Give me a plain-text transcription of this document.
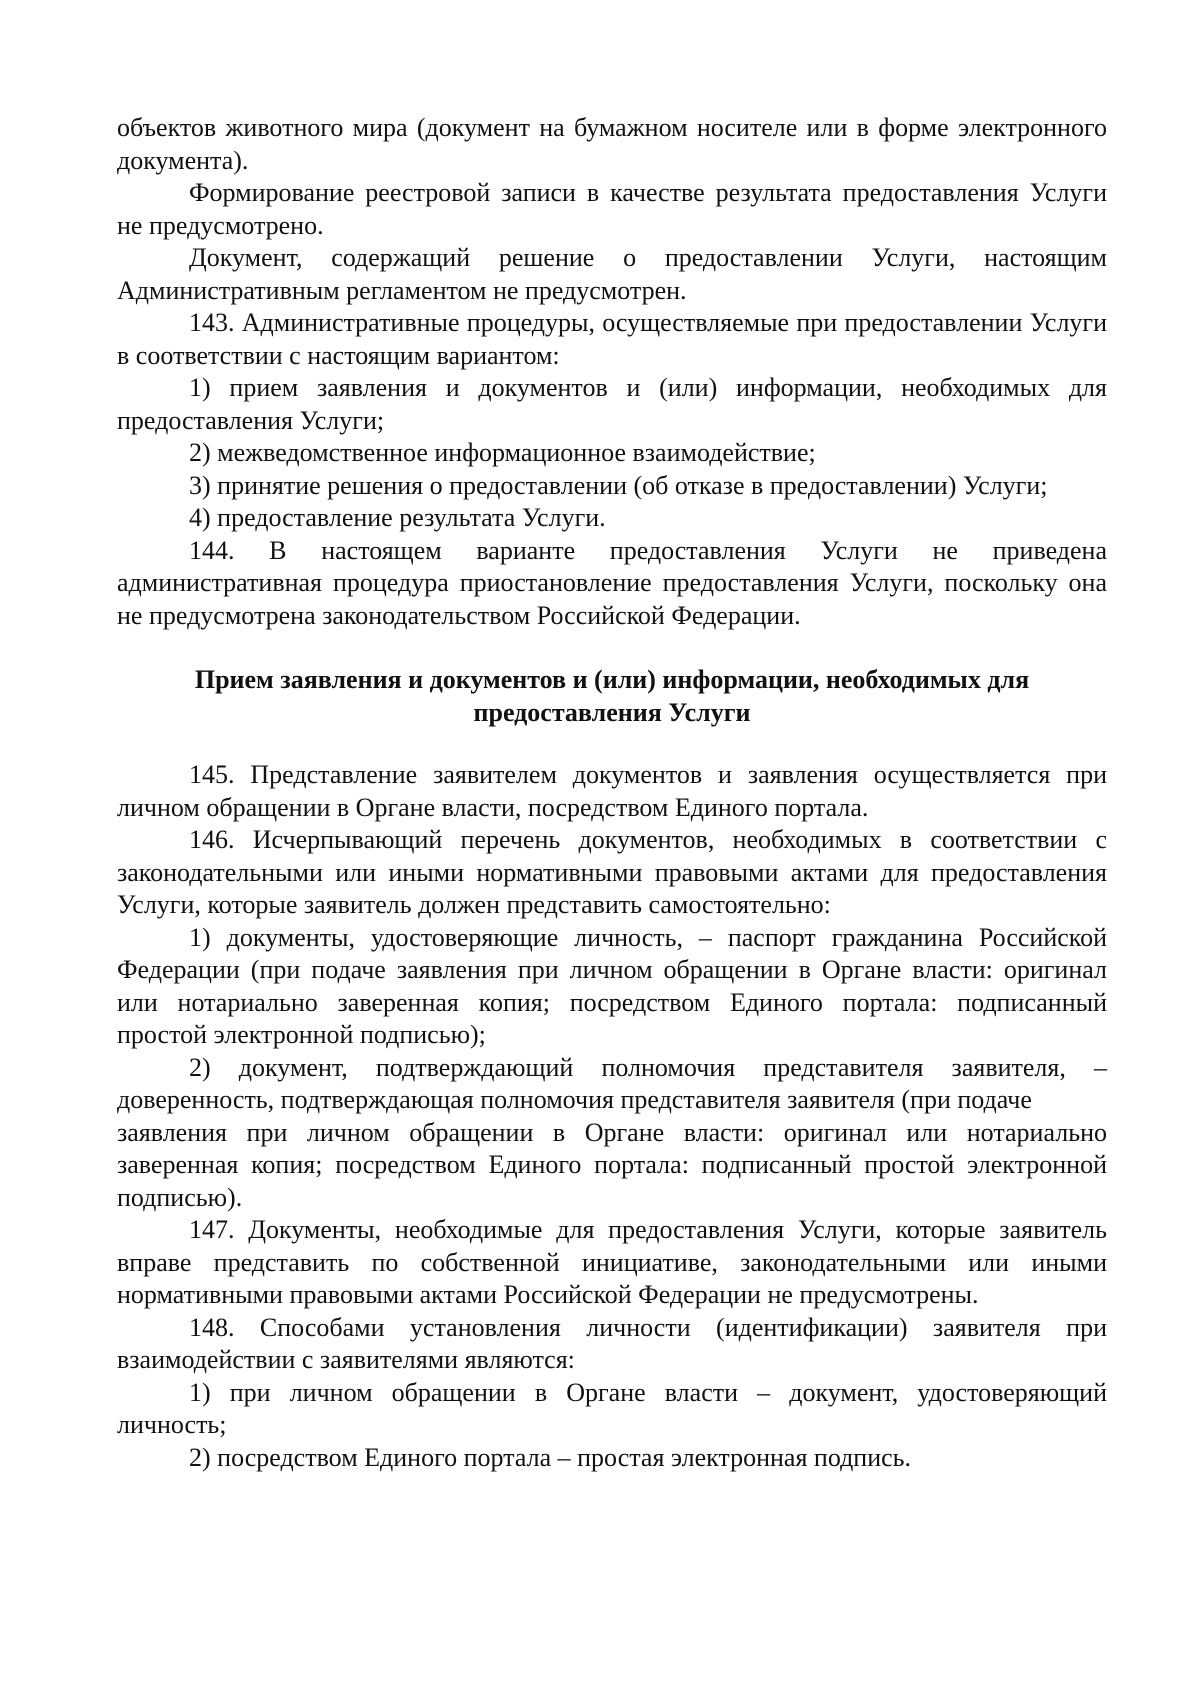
объектов животного мира (документ на бумажном носителе или в форме электронного документа).

Формирование реестровой записи в качестве результата предоставления Услуги не предусмотрено.

Документ, содержащий решение о предоставлении Услуги, настоящим Административным регламентом не предусмотрен.

143. Административные процедуры, осуществляемые при предоставлении Услуги в соответствии с настоящим вариантом:

1) прием заявления и документов и (или) информации, необходимых для предоставления Услуги;

2) межведомственное информационное взаимодействие;

3) принятие решения о предоставлении (об отказе в предоставлении) Услуги;

4) предоставление результата Услуги.

144. В настоящем варианте предоставления Услуги не приведена административная процедура приостановление предоставления Услуги, поскольку она не предусмотрена законодательством Российской Федерации.

Прием заявления и документов и (или) информации, необходимых для предоставления Услуги

145. Представление заявителем документов и заявления осуществляется при личном обращении в Органе власти, посредством Единого портала.

146. Исчерпывающий перечень документов, необходимых в соответствии с законодательными или иными нормативными правовыми актами для предоставления Услуги, которые заявитель должен представить самостоятельно:

1) документы, удостоверяющие личность, – паспорт гражданина Российской Федерации (при подаче заявления при личном обращении в Органе власти: оригинал или нотариально заверенная копия; посредством Единого портала: подписанный простой электронной подписью);

2) документ, подтверждающий полномочия представителя заявителя, – доверенность, подтверждающая полномочия представителя заявителя (при подаче

заявления при личном обращении в Органе власти: оригинал или нотариально заверенная копия; посредством Единого портала: подписанный простой электронной подписью).

147. Документы, необходимые для предоставления Услуги, которые заявитель вправе представить по собственной инициативе, законодательными или иными нормативными правовыми актами Российской Федерации не предусмотрены.

148. Способами установления личности (идентификации) заявителя при взаимодействии с заявителями являются:

1) при личном обращении в Органе власти – документ, удостоверяющий личность;

2) посредством Единого портала – простая электронная подпись.
